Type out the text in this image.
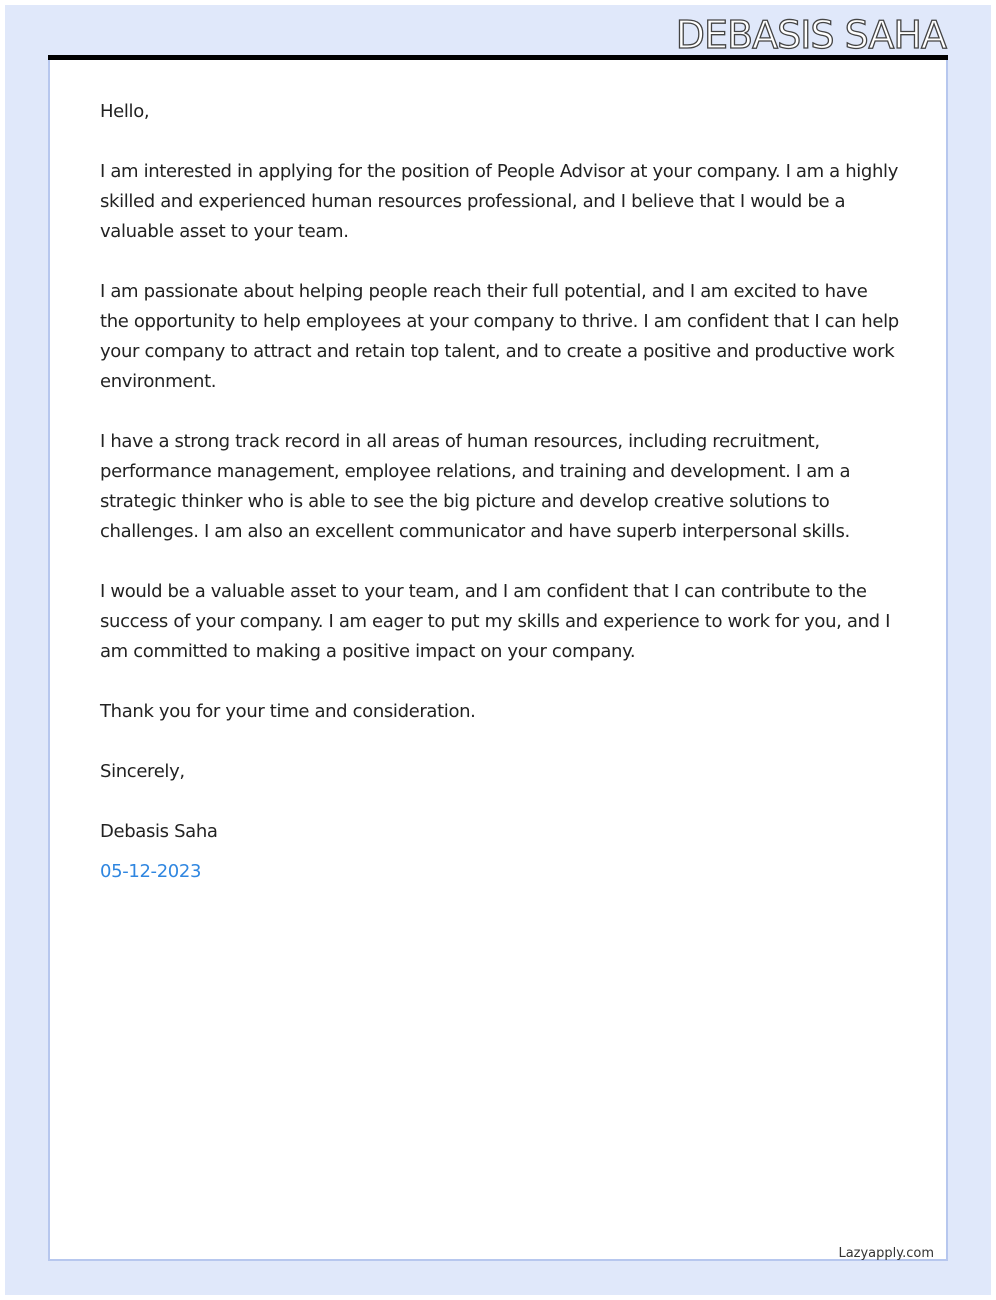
DEBASIS SAHA

Hello,

I am interested in applying for the position of People Advisor at your company. I am a highly skilled and experienced human resources professional, and I believe that I would be a valuable asset to your team.

I am passionate about helping people reach their full potential, and I am excited to have the opportunity to help employees at your company to thrive. I am confident that I can help your company to attract and retain top talent, and to create a positive and productive work environment.

I have a strong track record in all areas of human resources, including recruitment, performance management, employee relations, and training and development. I am a strategic thinker who is able to see the big picture and develop creative solutions to challenges. I am also an excellent communicator and have superb interpersonal skills.

I would be a valuable asset to your team, and I am confident that I can contribute to the success of your company. I am eager to put my skills and experience to work for you, and I am committed to making a positive impact on your company.

Thank you for your time and consideration.

Sincerely,

Debasis Saha

05-12-2023

Lazyapply.com
